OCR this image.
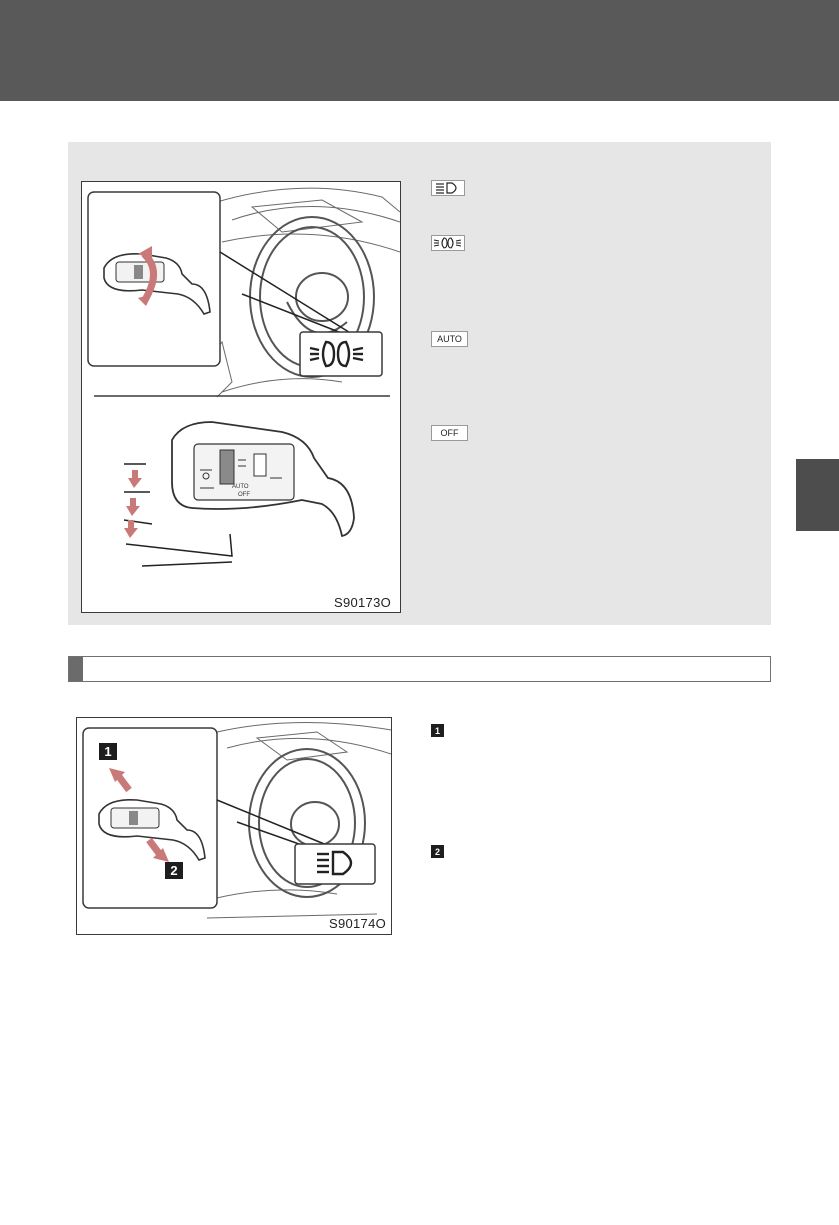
AUTO
OFF
S90173O
AUTO
OFF
1
2
S90174O
1
2
